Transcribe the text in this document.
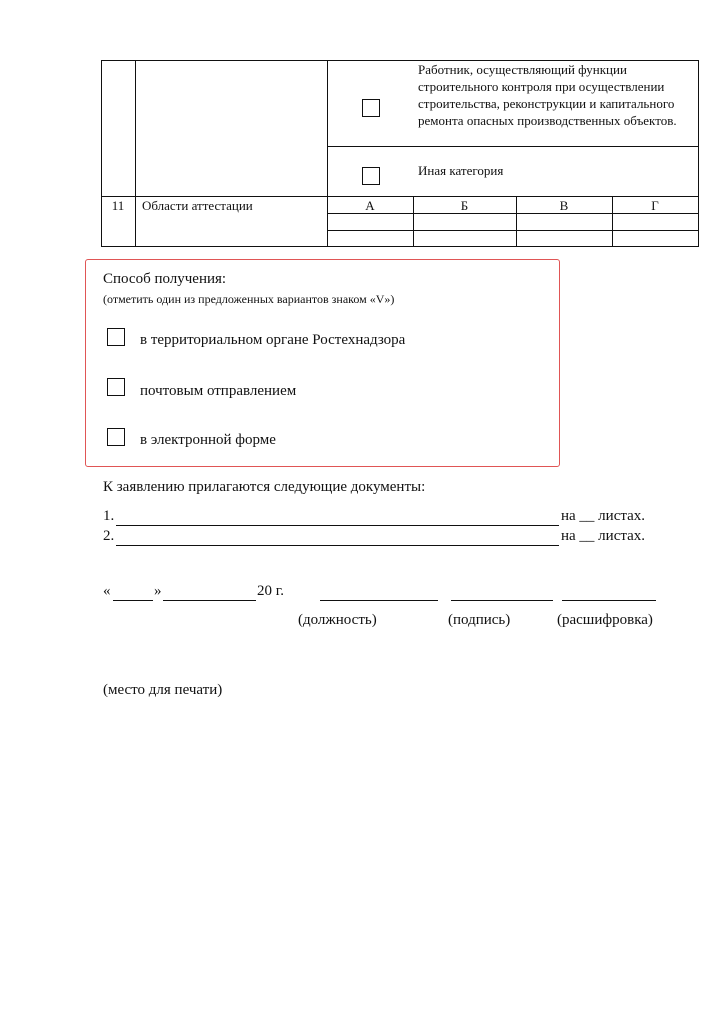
Работник, осуществляющий функции строительного контроля при осуществлении строительства, реконструкции и капитального ремонта опасных производственных объектов.
Иная категория
11	Области аттестации	А	Б	В	Г
Способ получения:
(отметить один из предложенных вариантов знаком «V»)
в территориальном органе Ростехнадзора
почтовым отправлением
в электронной форме
К заявлению прилагаются следующие документы:
1.	на __ листах.
2.	на __ листах.
«	»	20 г.
(должность)	(подпись)	(расшифровка)
(место для печати)
